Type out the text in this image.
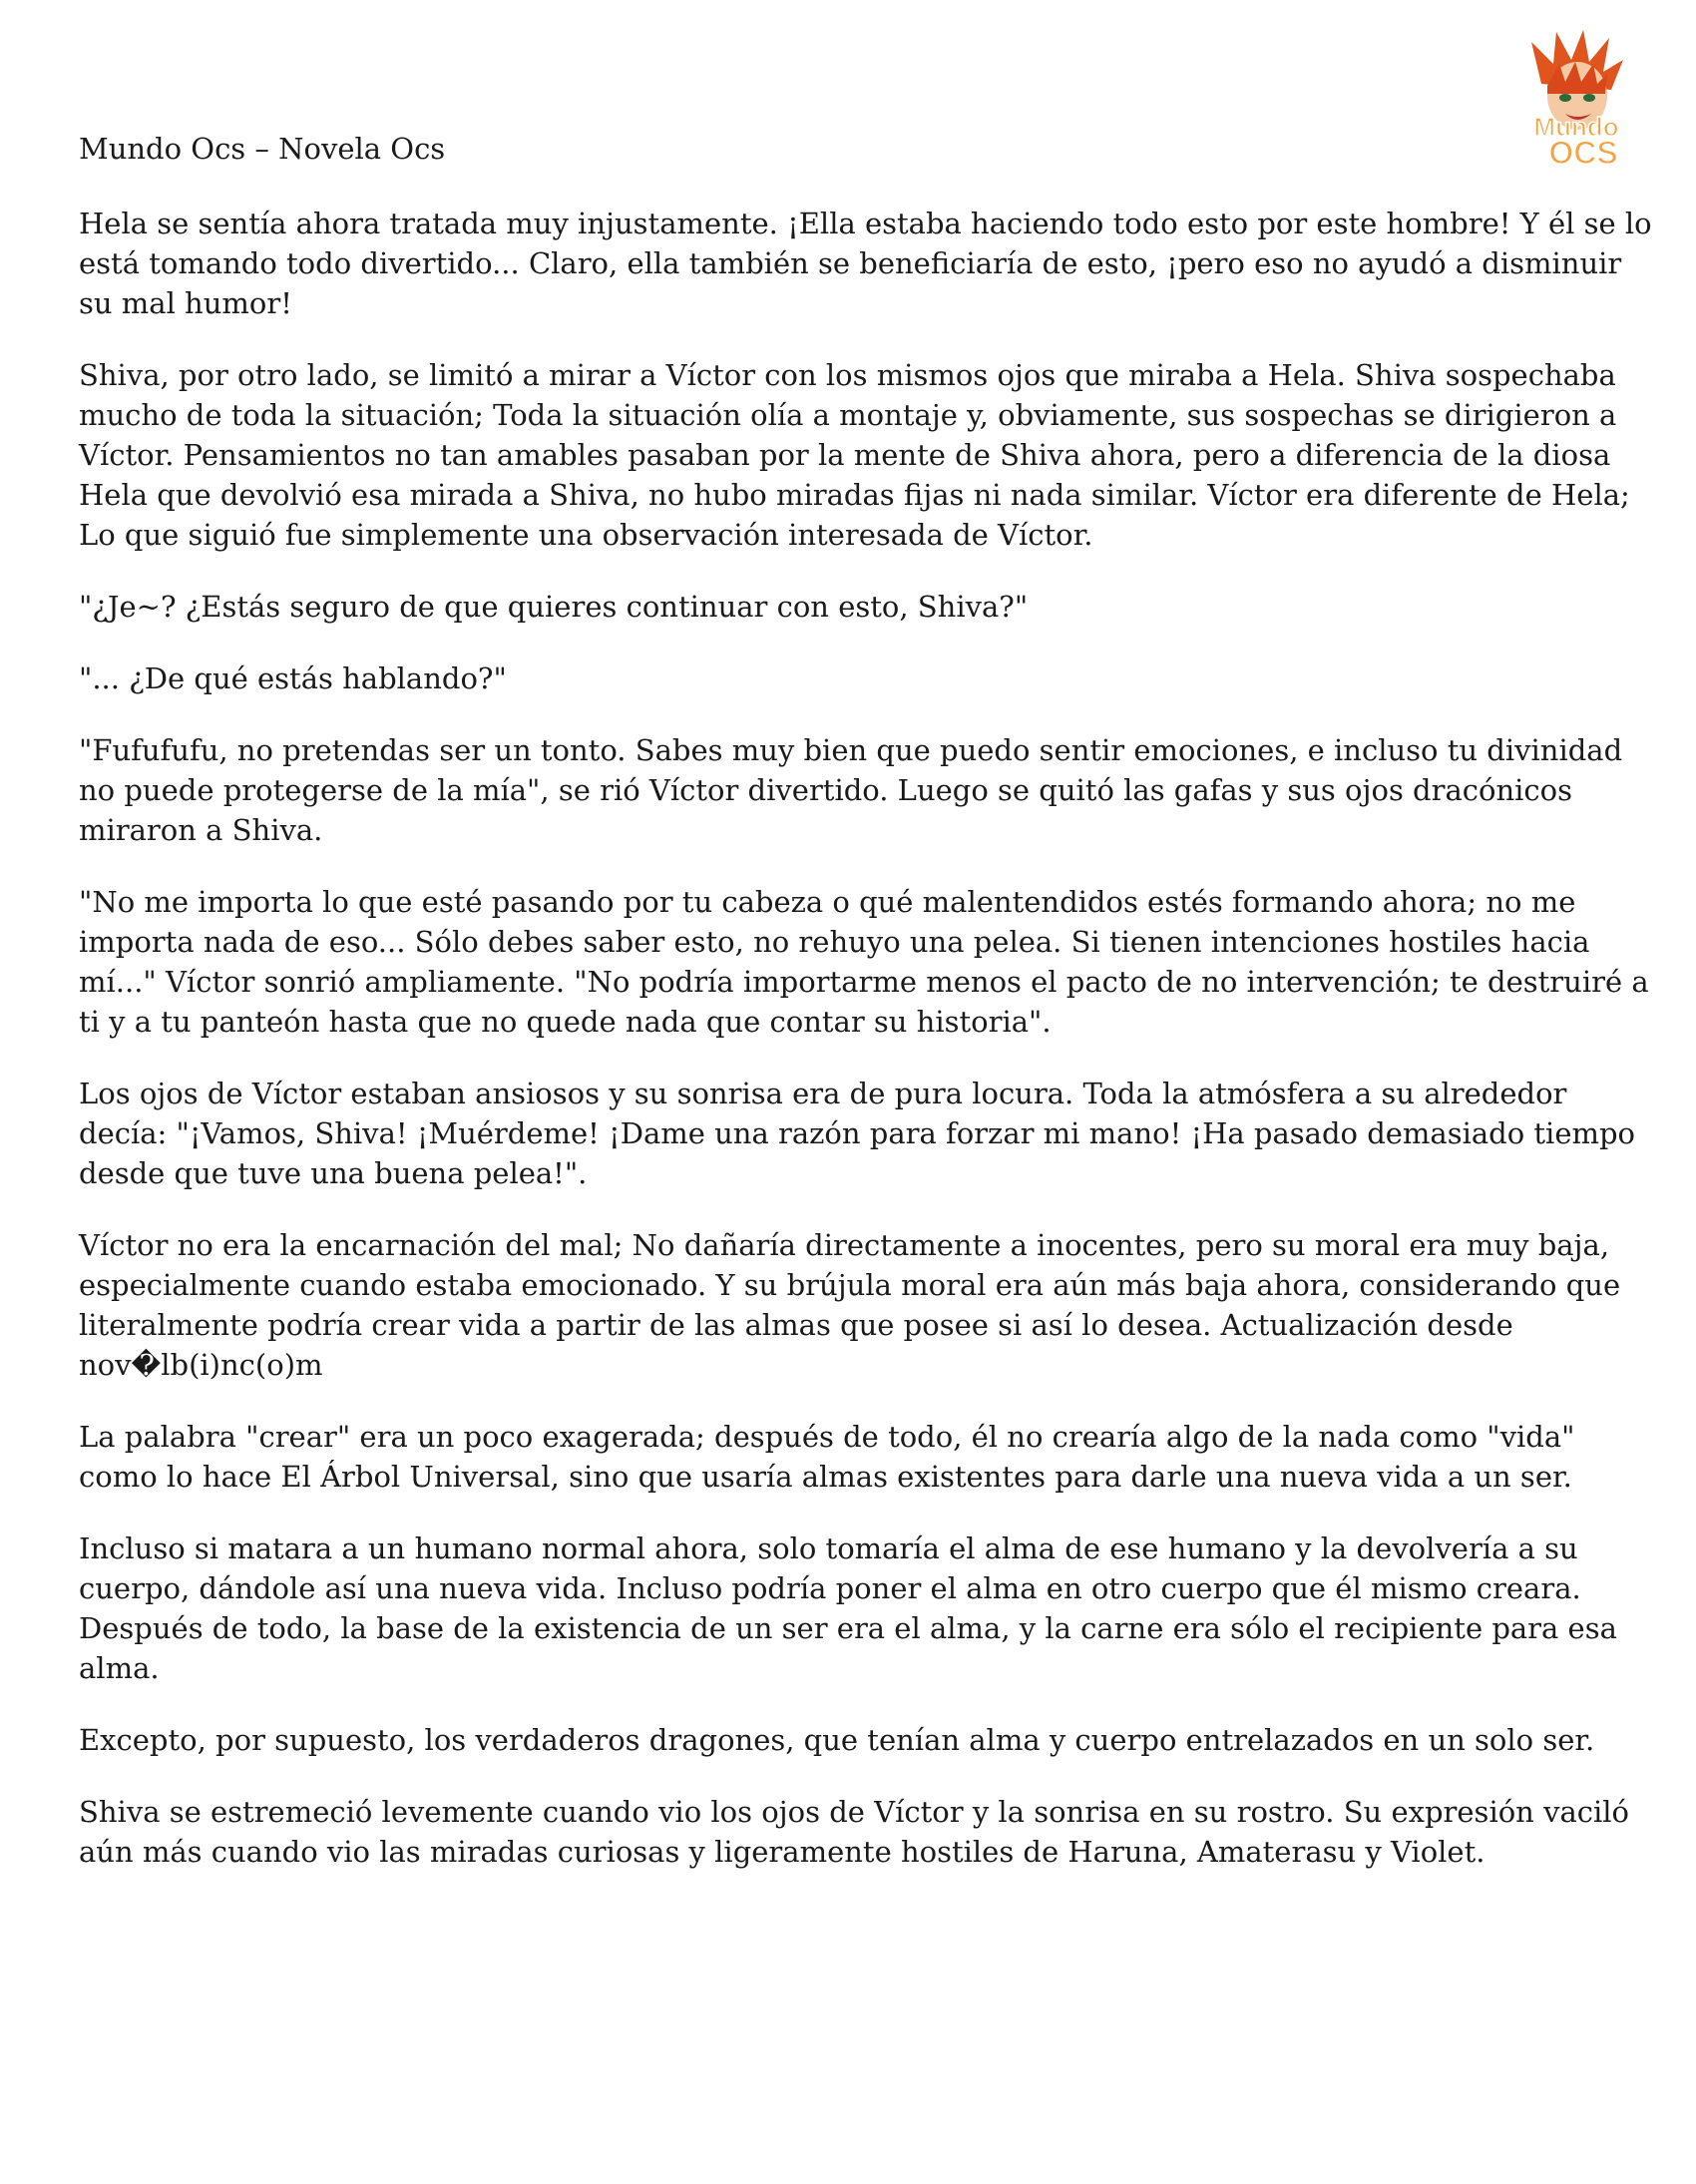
Mundo Ocs – Novela Ocs
Mundo
OCS

Hela se sentía ahora tratada muy injustamente. ¡Ella estaba haciendo todo esto por este hombre! Y él se lo está tomando todo divertido... Claro, ella también se beneficiaría de esto, ¡pero eso no ayudó a disminuir su mal humor!

Shiva, por otro lado, se limitó a mirar a Víctor con los mismos ojos que miraba a Hela. Shiva sospechaba mucho de toda la situación; Toda la situación olía a montaje y, obviamente, sus sospechas se dirigieron a Víctor. Pensamientos no tan amables pasaban por la mente de Shiva ahora, pero a diferencia de la diosa Hela que devolvió esa mirada a Shiva, no hubo miradas fijas ni nada similar. Víctor era diferente de Hela; Lo que siguió fue simplemente una observación interesada de Víctor.

"¿Je~? ¿Estás seguro de que quieres continuar con esto, Shiva?"

"... ¿De qué estás hablando?"

"Fufufufu, no pretendas ser un tonto. Sabes muy bien que puedo sentir emociones, e incluso tu divinidad no puede protegerse de la mía", se rió Víctor divertido. Luego se quitó las gafas y sus ojos dracónicos miraron a Shiva.

"No me importa lo que esté pasando por tu cabeza o qué malentendidos estés formando ahora; no me importa nada de eso... Sólo debes saber esto, no rehuyo una pelea. Si tienen intenciones hostiles hacia mí..." Víctor sonrió ampliamente. "No podría importarme menos el pacto de no intervención; te destruiré a ti y a tu panteón hasta que no quede nada que contar su historia".

Los ojos de Víctor estaban ansiosos y su sonrisa era de pura locura. Toda la atmósfera a su alrededor decía: "¡Vamos, Shiva! ¡Muérdeme! ¡Dame una razón para forzar mi mano! ¡Ha pasado demasiado tiempo desde que tuve una buena pelea!".

Víctor no era la encarnación del mal; No dañaría directamente a inocentes, pero su moral era muy baja, especialmente cuando estaba emocionado. Y su brújula moral era aún más baja ahora, considerando que literalmente podría crear vida a partir de las almas que posee si así lo desea. Actualización desde nov�lb(i)nc(o)m

La palabra "crear" era un poco exagerada; después de todo, él no crearía algo de la nada como "vida" como lo hace El Árbol Universal, sino que usaría almas existentes para darle una nueva vida a un ser.

Incluso si matara a un humano normal ahora, solo tomaría el alma de ese humano y la devolvería a su cuerpo, dándole así una nueva vida. Incluso podría poner el alma en otro cuerpo que él mismo creara. Después de todo, la base de la existencia de un ser era el alma, y la carne era sólo el recipiente para esa alma.

Excepto, por supuesto, los verdaderos dragones, que tenían alma y cuerpo entrelazados en un solo ser.

Shiva se estremeció levemente cuando vio los ojos de Víctor y la sonrisa en su rostro. Su expresión vaciló aún más cuando vio las miradas curiosas y ligeramente hostiles de Haruna, Amaterasu y Violet.
